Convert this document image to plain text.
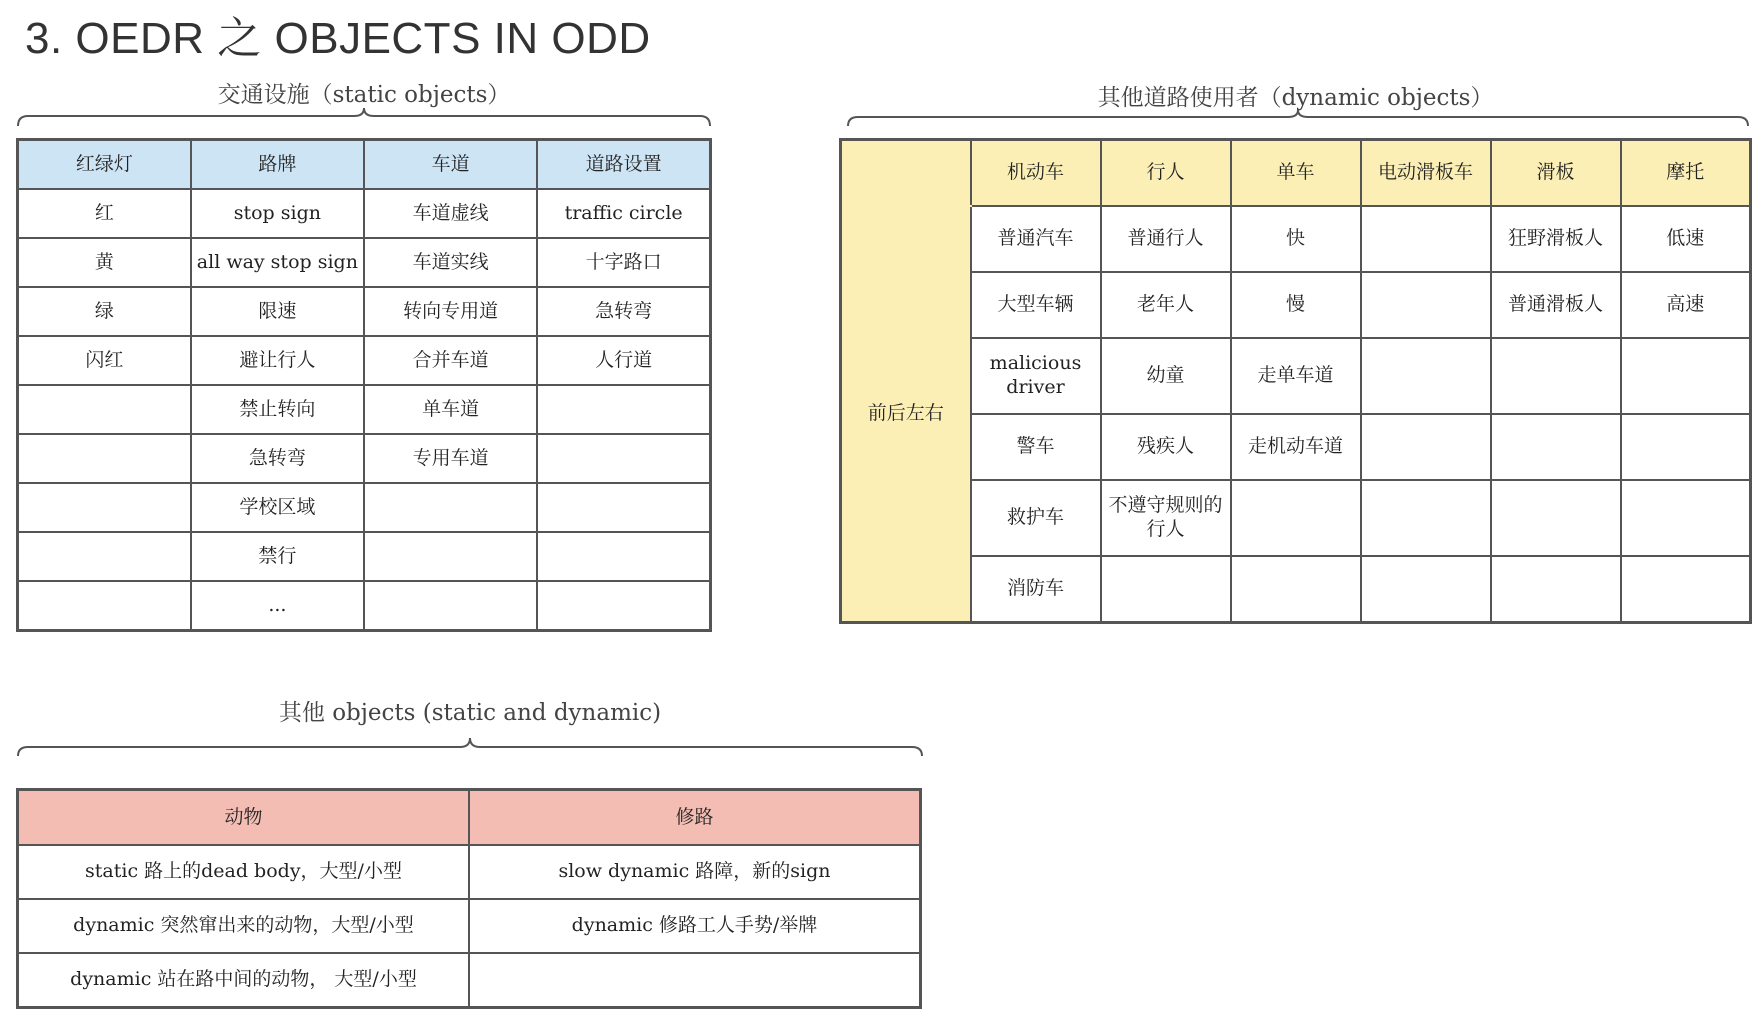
3. OEDR 之 OBJECTS IN ODD
交通设施（static objects）
红绿灯	路牌	车道	道路设置
红	stop sign	车道虚线	traffic circle
黄	all way stop sign	车道实线	十字路口
绿	限速	转向专用道	急转弯
闪红	避让行人	合并车道	人行道
	禁止转向	单车道	
	急转弯	专用车道	
	学校区域		
	禁行		
	...		
其他道路使用者（dynamic objects）
	机动车	行人	单车	电动滑板车	滑板	摩托
前后左右	普通汽车	普通行人	快		狂野滑板人	低速
	大型车辆	老年人	慢		普通滑板人	高速
	malicious driver	幼童	走单车道			
	警车	残疾人	走机动车道			
	救护车	不遵守规则的行人				
	消防车					
其他 objects (static and dynamic)
动物	修路
static 路上的dead body，大型/小型	slow dynamic 路障，新的sign
dynamic 突然窜出来的动物，大型/小型	dynamic 修路工人手势/举牌
dynamic 站在路中间的动物， 大型/小型	
